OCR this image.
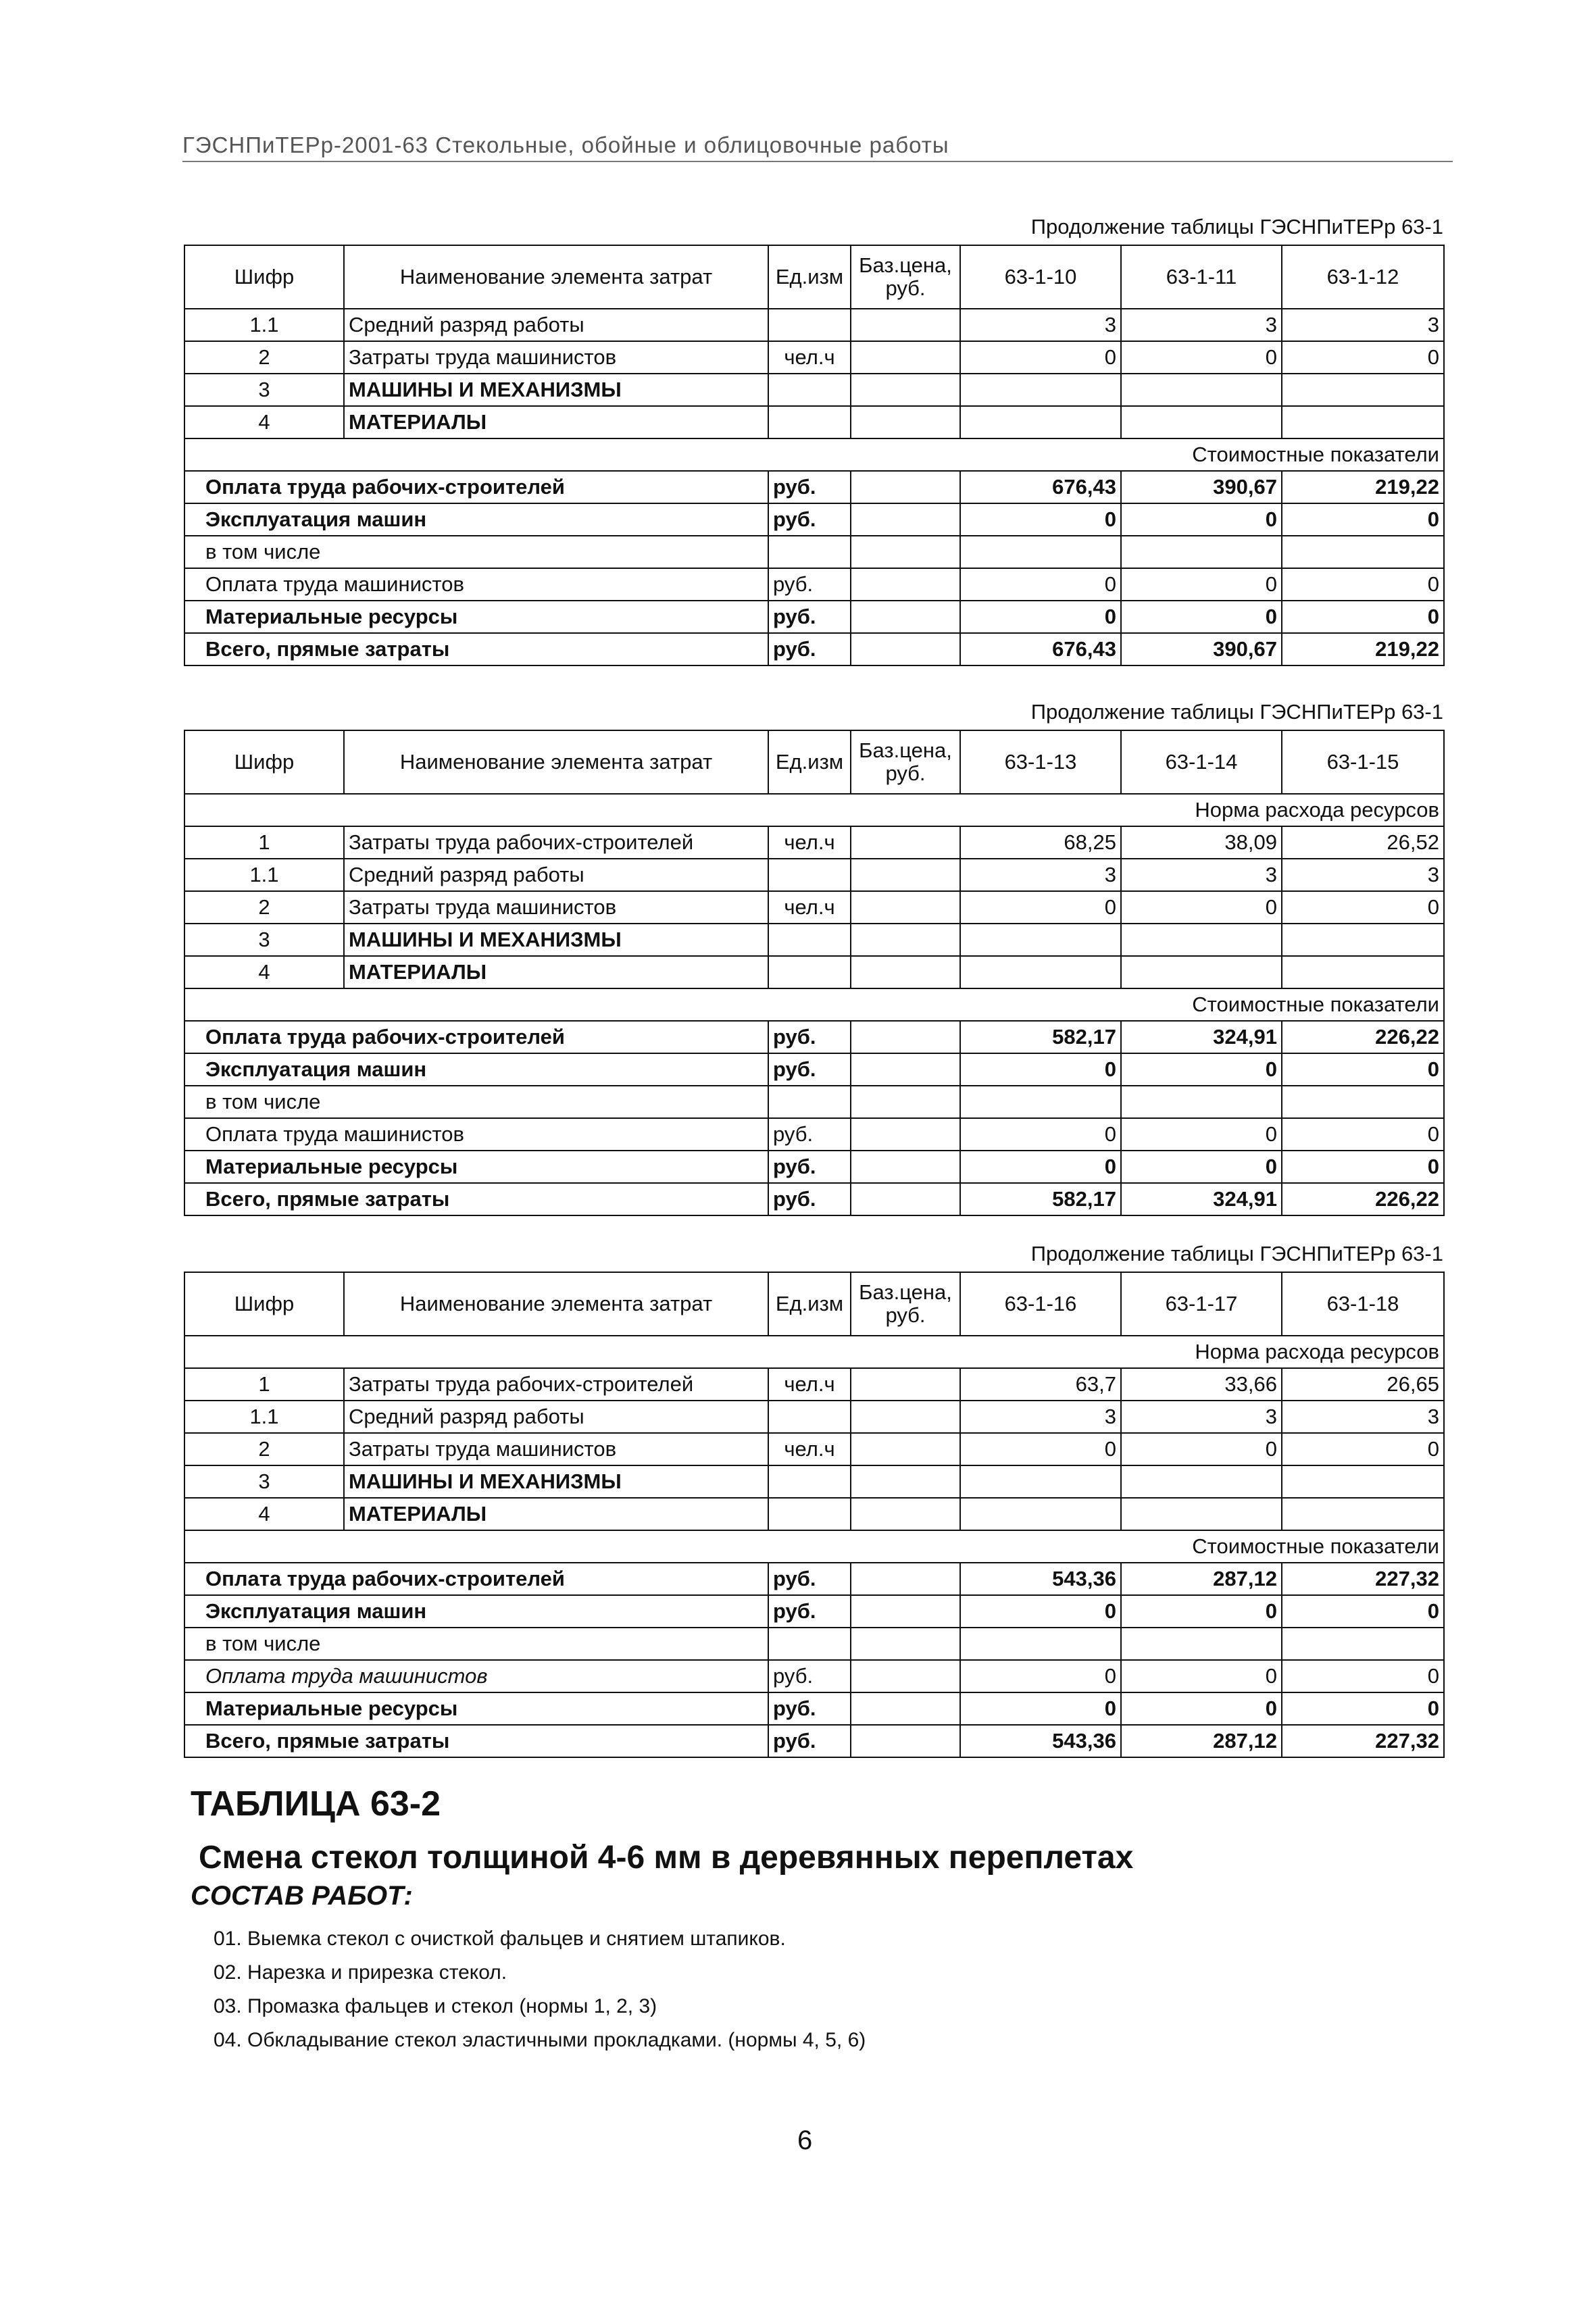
ГЭСНПиТЕРр-2001-63 Стекольные, обойные и облицовочные работы
Продолжение таблицы ГЭСНПиТЕРр 63-1
Шифр	Наименование элемента затрат	Ед.изм	Баз.цена, руб.	63-1-10	63-1-11	63-1-12
1.1	Средний разряд работы			3	3	3
2	Затраты труда машинистов	чел.ч		0	0	0
3	МАШИНЫ И МЕХАНИЗМЫ					
4	МАТЕРИАЛЫ					
Стоимостные показатели						
Оплата труда рабочих-строителей		руб.		676,43	390,67	219,22
Эксплуатация машин		руб.		0	0	0
в том числе						
Оплата труда машинистов		руб.		0	0	0
Материальные ресурсы		руб.		0	0	0
Всего, прямые затраты		руб.		676,43	390,67	219,22
Продолжение таблицы ГЭСНПиТЕРр 63-1
Шифр	Наименование элемента затрат	Ед.изм	Баз.цена, руб.	63-1-13	63-1-14	63-1-15
Норма расхода ресурсов						
1	Затраты труда рабочих-строителей	чел.ч		68,25	38,09	26,52
1.1	Средний разряд работы			3	3	3
2	Затраты труда машинистов	чел.ч		0	0	0
3	МАШИНЫ И МЕХАНИЗМЫ					
4	МАТЕРИАЛЫ					
Стоимостные показатели						
Оплата труда рабочих-строителей		руб.		582,17	324,91	226,22
Эксплуатация машин		руб.		0	0	0
в том числе						
Оплата труда машинистов		руб.		0	0	0
Материальные ресурсы		руб.		0	0	0
Всего, прямые затраты		руб.		582,17	324,91	226,22
Продолжение таблицы ГЭСНПиТЕРр 63-1
Шифр	Наименование элемента затрат	Ед.изм	Баз.цена, руб.	63-1-16	63-1-17	63-1-18
Норма расхода ресурсов						
1	Затраты труда рабочих-строителей	чел.ч		63,7	33,66	26,65
1.1	Средний разряд работы			3	3	3
2	Затраты труда машинистов	чел.ч		0	0	0
3	МАШИНЫ И МЕХАНИЗМЫ					
4	МАТЕРИАЛЫ					
Стоимостные показатели						
Оплата труда рабочих-строителей		руб.		543,36	287,12	227,32
Эксплуатация машин		руб.		0	0	0
в том числе						
Оплата труда машинистов		руб.		0	0	0
Материальные ресурсы		руб.		0	0	0
Всего, прямые затраты		руб.		543,36	287,12	227,32
ТАБЛИЦА 63-2
Смена стекол толщиной 4-6 мм в деревянных переплетах
СОСТАВ РАБОТ:
01. Выемка стекол с очисткой фальцев и снятием штапиков.
02. Нарезка и прирезка стекол.
03. Промазка фальцев и стекол (нормы 1, 2, 3)
04. Обкладывание стекол эластичными прокладками. (нормы 4, 5, 6)
6
